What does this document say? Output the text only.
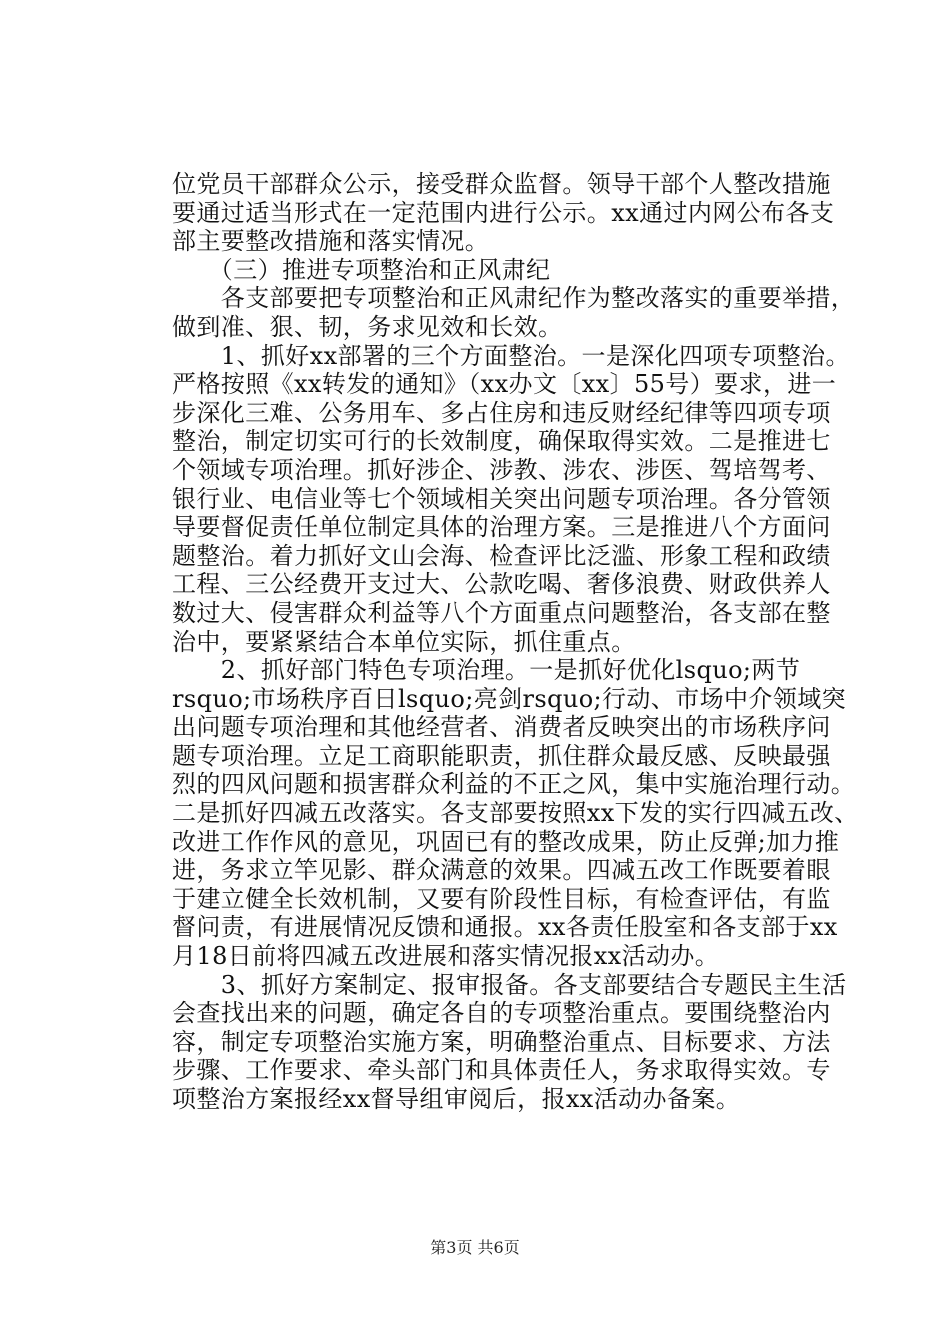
位党员干部群众公示，接受群众监督。领导干部个人整改措施
要通过适当形式在一定范围内进行公示。xx通过内网公布各支
部主要整改措施和落实情况。
　　（三）推进专项整治和正风肃纪
　　各支部要把专项整治和正风肃纪作为整改落实的重要举措，
做到准、狠、韧，务求见效和长效。
　　1、抓好xx部署的三个方面整治。一是深化四项专项整治。
严格按照《xx转发的通知》（xx办文〔xx〕55号）要求，进一
步深化三难、公务用车、多占住房和违反财经纪律等四项专项
整治，制定切实可行的长效制度，确保取得实效。二是推进七
个领域专项治理。抓好涉企、涉教、涉农、涉医、驾培驾考、
银行业、电信业等七个领域相关突出问题专项治理。各分管领
导要督促责任单位制定具体的治理方案。三是推进八个方面问
题整治。着力抓好文山会海、检查评比泛滥、形象工程和政绩
工程、三公经费开支过大、公款吃喝、奢侈浪费、财政供养人
数过大、侵害群众利益等八个方面重点问题整治，各支部在整
治中，要紧紧结合本单位实际，抓住重点。
　　2、抓好部门特色专项治理。一是抓好优化lsquo;两节
rsquo;市场秩序百日lsquo;亮剑rsquo;行动、市场中介领域突
出问题专项治理和其他经营者、消费者反映突出的市场秩序问
题专项治理。立足工商职能职责，抓住群众最反感、反映最强
烈的四风问题和损害群众利益的不正之风，集中实施治理行动。
二是抓好四减五改落实。各支部要按照xx下发的实行四减五改、
改进工作作风的意见，巩固已有的整改成果，防止反弹;加力推
进，务求立竿见影、群众满意的效果。四减五改工作既要着眼
于建立健全长效机制，又要有阶段性目标，有检查评估，有监
督问责，有进展情况反馈和通报。xx各责任股室和各支部于xx
月18日前将四减五改进展和落实情况报xx活动办。
　　3、抓好方案制定、报审报备。各支部要结合专题民主生活
会查找出来的问题，确定各自的专项整治重点。要围绕整治内
容，制定专项整治实施方案，明确整治重点、目标要求、方法
步骤、工作要求、牵头部门和具体责任人，务求取得实效。专
项整治方案报经xx督导组审阅后，报xx活动办备案。
第3页 共6页
